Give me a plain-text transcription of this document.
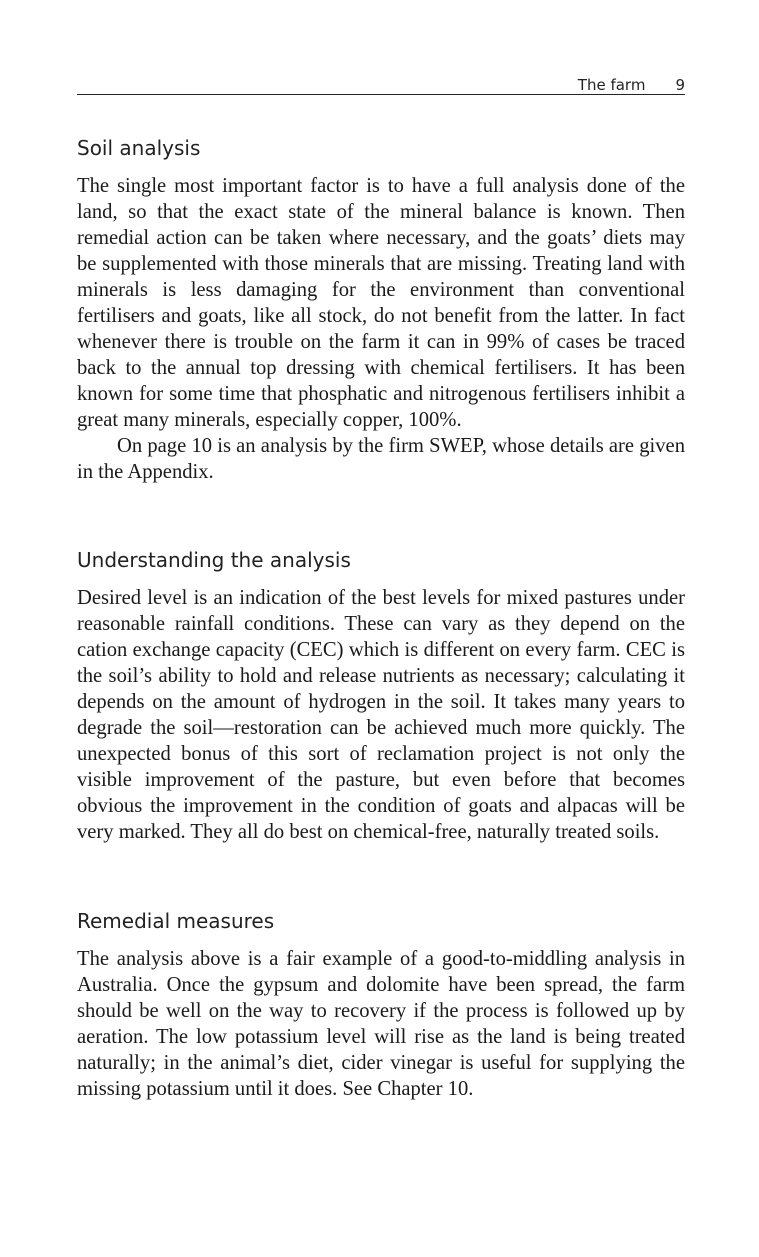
The farm 9
Soil analysis

The single most important factor is to have a full analysis done of the land, so that the exact state of the mineral balance is known. Then remedial action can be taken where necessary, and the goats’ diets may be supplemented with those minerals that are missing. Treating land with minerals is less damaging for the environment than conventional fertilisers and goats, like all stock, do not benefit from the latter. In fact whenever there is trouble on the farm it can in 99% of cases be traced back to the annual top dressing with chemical fertilisers. It has been known for some time that phosphatic and nitrogenous fertilisers inhibit a great many minerals, especially copper, 100%.

On page 10 is an analysis by the firm SWEP, whose details are given in the Appendix.

Understanding the analysis

Desired level is an indication of the best levels for mixed pastures under reasonable rainfall conditions. These can vary as they depend on the cation exchange capacity (CEC) which is different on every farm. CEC is the soil’s ability to hold and release nutrients as necessary; calculating it depends on the amount of hydrogen in the soil. It takes many years to degrade the soil—restoration can be achieved much more quickly. The unexpected bonus of this sort of reclamation project is not only the visible improvement of the pasture, but even before that becomes obvious the improvement in the condition of goats and alpacas will be very marked. They all do best on chemical-free, naturally treated soils.

Remedial measures

The analysis above is a fair example of a good-to-middling analysis in Australia. Once the gypsum and dolomite have been spread, the farm should be well on the way to recovery if the process is followed up by aeration. The low potassium level will rise as the land is being treated naturally; in the animal’s diet, cider vinegar is useful for supplying the missing potassium until it does. See Chapter 10.
